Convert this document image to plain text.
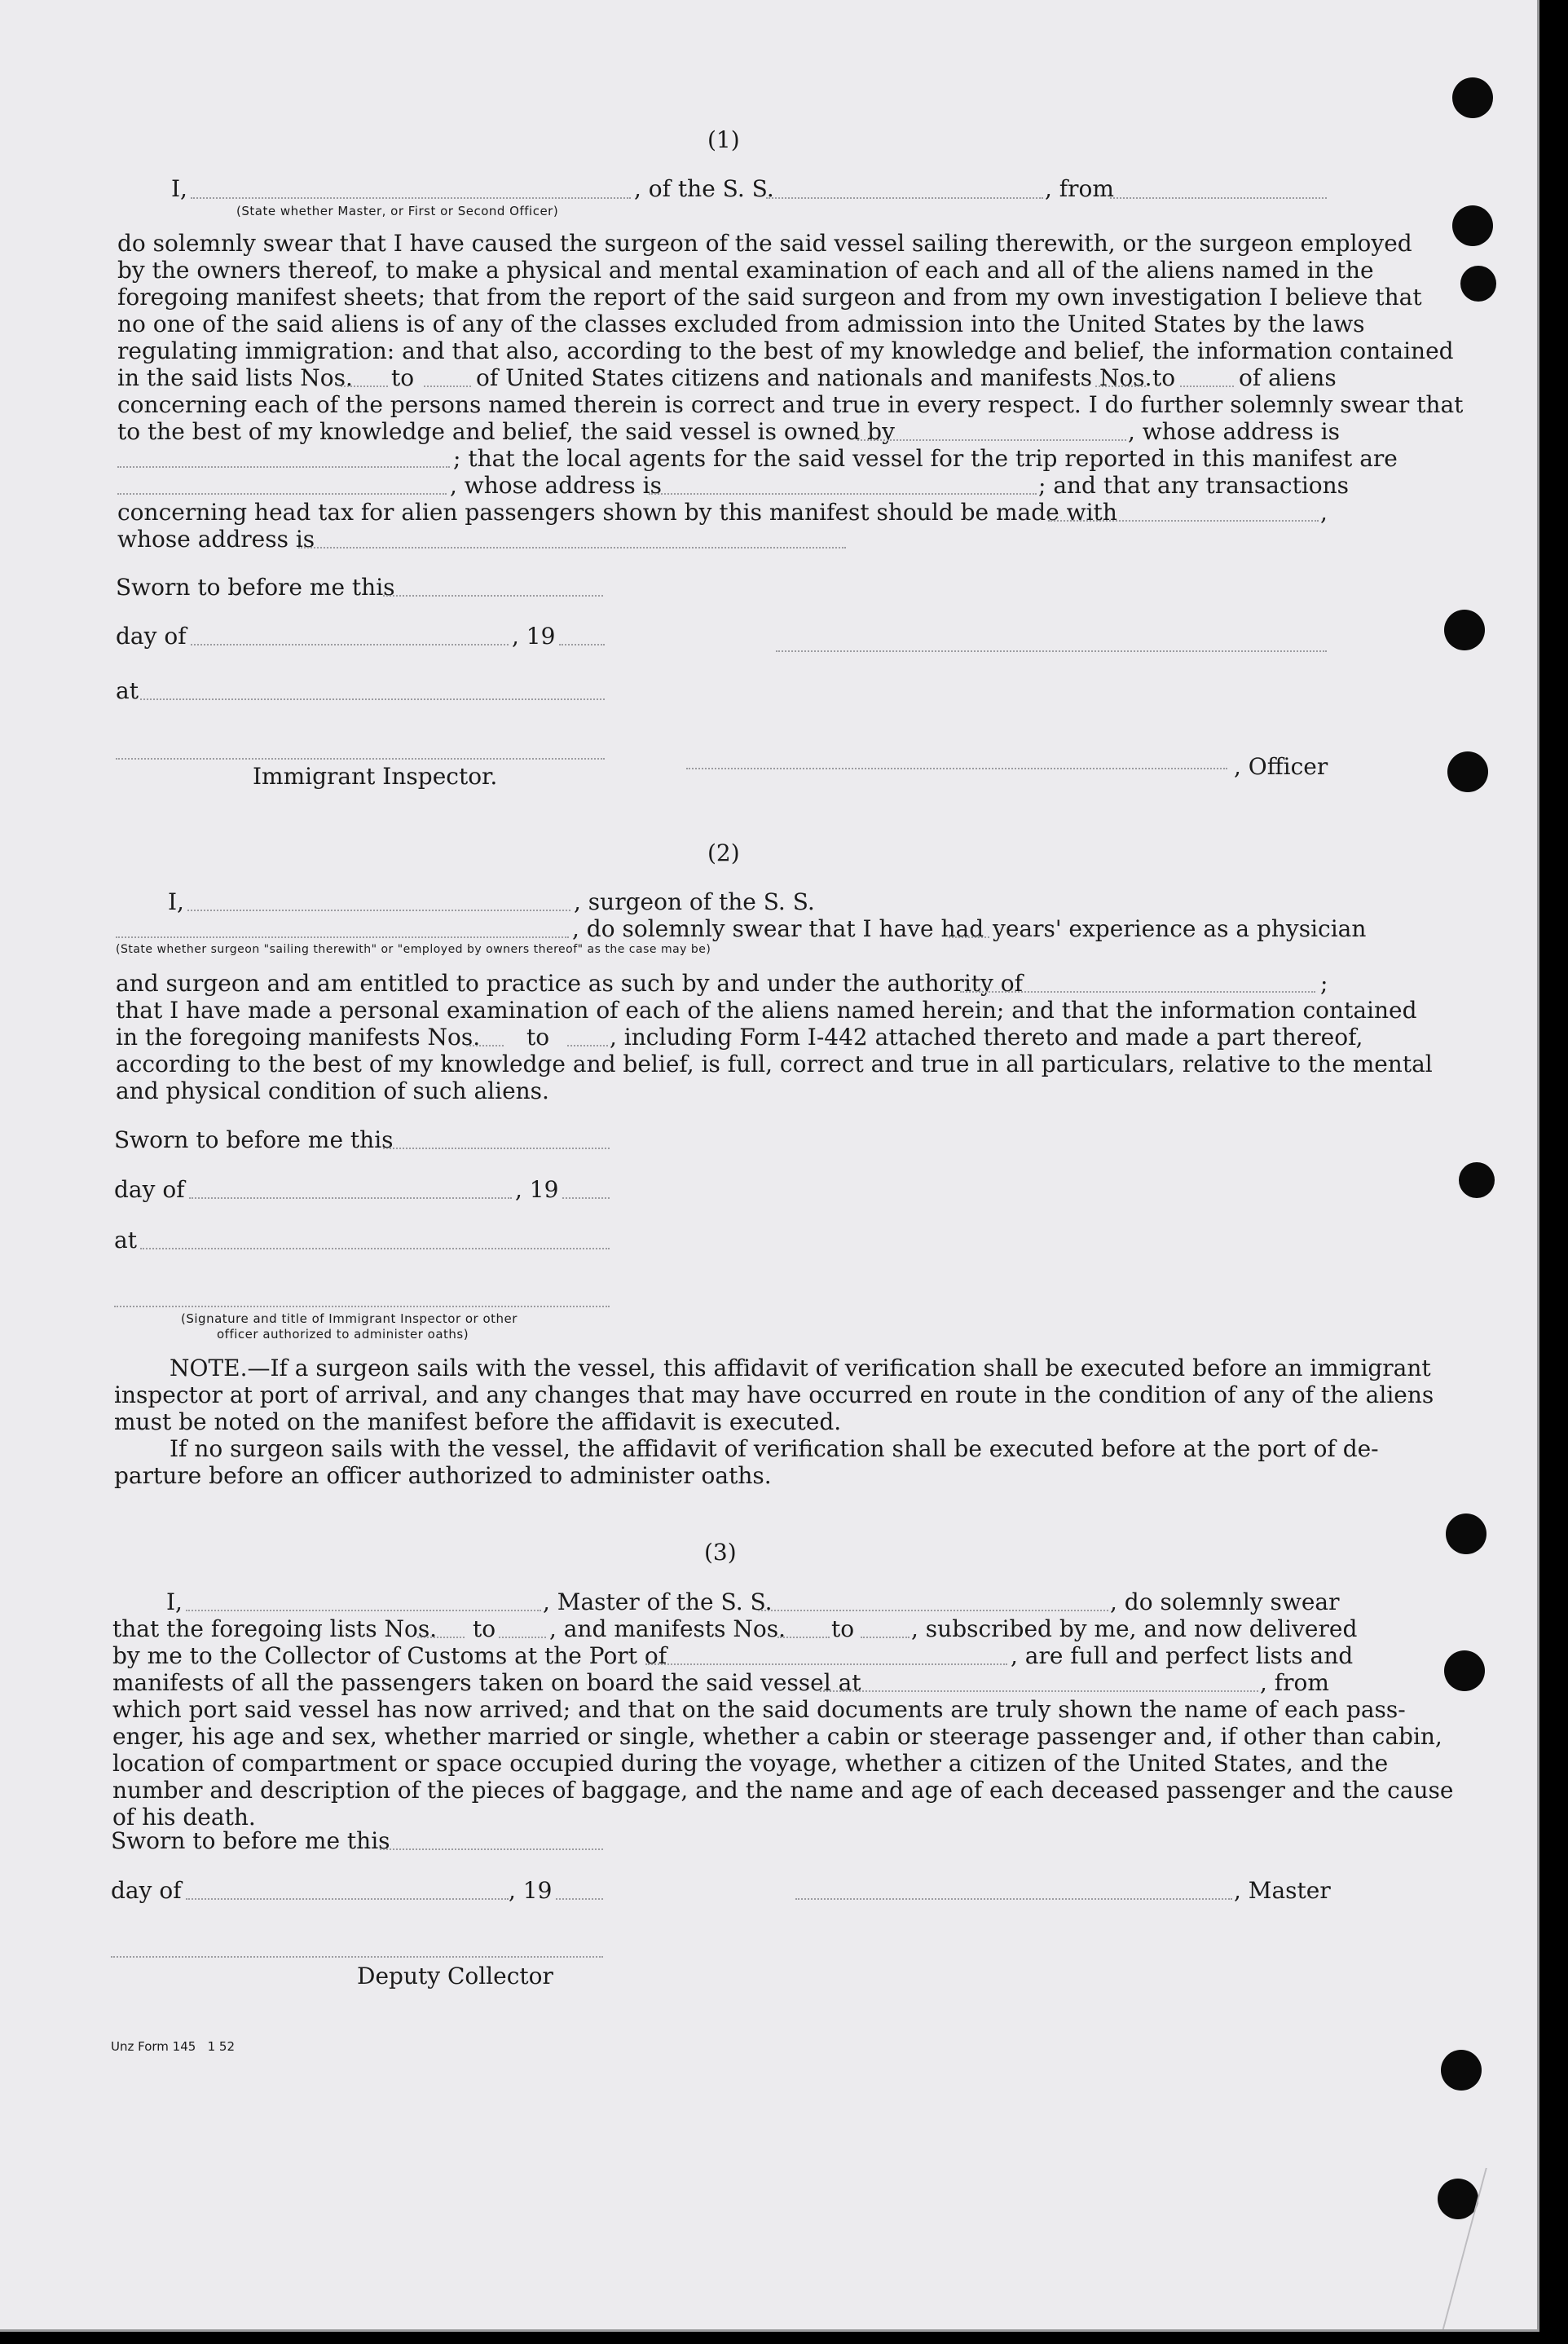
(1)
I,	, of the S. S.	, from
(State whether Master, or First or Second Officer)
do solemnly swear that I have caused the surgeon of the said vessel sailing therewith, or the surgeon employed
by the owners thereof, to make a physical and mental examination of each and all of the aliens named in the
foregoing manifest sheets; that from the report of the said surgeon and from my own investigation I believe that
no one of the said aliens is of any of the classes excluded from admission into the United States by the laws
regulating immigration: and that also, according to the best of my knowledge and belief, the information contained
in the said lists Nos. to	of United States citizens and nationals and manifests Nos. to	of aliens
concerning each of the persons named therein is correct and true in every respect. I do further solemnly swear that
to the best of my knowledge and belief, the said vessel is owned by	, whose address is
; that the local agents for the said vessel for the trip reported in this manifest are
, whose address is	; and that any transactions
concerning head tax for alien passengers shown by this manifest should be made with	,
whose address is
Sworn to before me this
day of	, 19
at
, Officer
Immigrant Inspector.
(2)
I,	, surgeon of the S. S.
, do solemnly swear that I have had years' experience as a physician
(State whether surgeon "sailing therewith" or "employed by owners thereof" as the case may be)
and surgeon and am entitled to practice as such by and under the authority of	;
that I have made a personal examination of each of the aliens named herein; and that the information contained
in the foregoing manifests Nos. to	, including Form I-442 attached thereto and made a part thereof,
according to the best of my knowledge and belief, is full, correct and true in all particulars, relative to the mental
and physical condition of such aliens.
Sworn to before me this
day of	, 19
at
(Signature and title of Immigrant Inspector or other
officer authorized to administer oaths)
NOTE.—If a surgeon sails with the vessel, this affidavit of verification shall be executed before an immigrant
inspector at port of arrival, and any changes that may have occurred en route in the condition of any of the aliens
must be noted on the manifest before the affidavit is executed.
If no surgeon sails with the vessel, the affidavit of verification shall be executed before at the port of de-
parture before an officer authorized to administer oaths.
(3)
I,	, Master of the S. S.	, do solemnly swear
that the foregoing lists Nos. to , and manifests Nos. to , subscribed by me, and now delivered
by me to the Collector of Customs at the Port of	, are full and perfect lists and
manifests of all the passengers taken on board the said vessel at	, from
which port said vessel has now arrived; and that on the said documents are truly shown the name of each pass-
enger, his age and sex, whether married or single, whether a cabin or steerage passenger and, if other than cabin,
location of compartment or space occupied during the voyage, whether a citizen of the United States, and the
number and description of the pieces of baggage, and the name and age of each deceased passenger and the cause
of his death.
Sworn to before me this
day of	, 19	, Master
Deputy Collector
Unz Form 145   1 52
